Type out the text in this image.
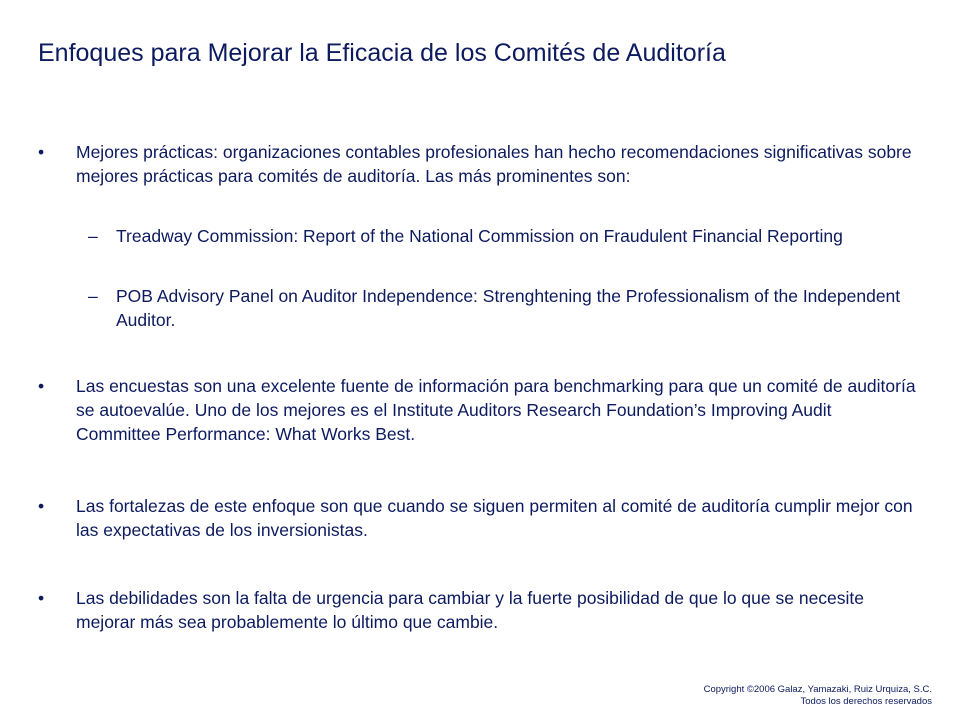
Enfoques para Mejorar la Eficacia de los Comités de Auditoría
•	Mejores prácticas: organizaciones contables profesionales han hecho recomendaciones significativas sobre mejores prácticas para comités de auditoría. Las más prominentes son:
–	Treadway Commission: Report of the National Commission on Fraudulent Financial Reporting
–	POB Advisory Panel on Auditor Independence: Strenghtening the Professionalism of the Independent Auditor.
•	Las encuestas son una excelente fuente de información para benchmarking para que un comité de auditoría se autoevalúe. Uno de los mejores es el Institute Auditors Research Foundation’s Improving Audit Committee Performance: What Works Best.
•	Las fortalezas de este enfoque son que cuando se siguen permiten al comité de auditoría cumplir mejor con las expectativas de los inversionistas.
•	Las debilidades son la falta de urgencia para cambiar y la fuerte posibilidad de que lo que se necesite mejorar más sea probablemente lo último que cambie.
Copyright ©2006 Galaz, Yamazaki, Ruiz Urquiza, S.C.
Todos los derechos reservados
